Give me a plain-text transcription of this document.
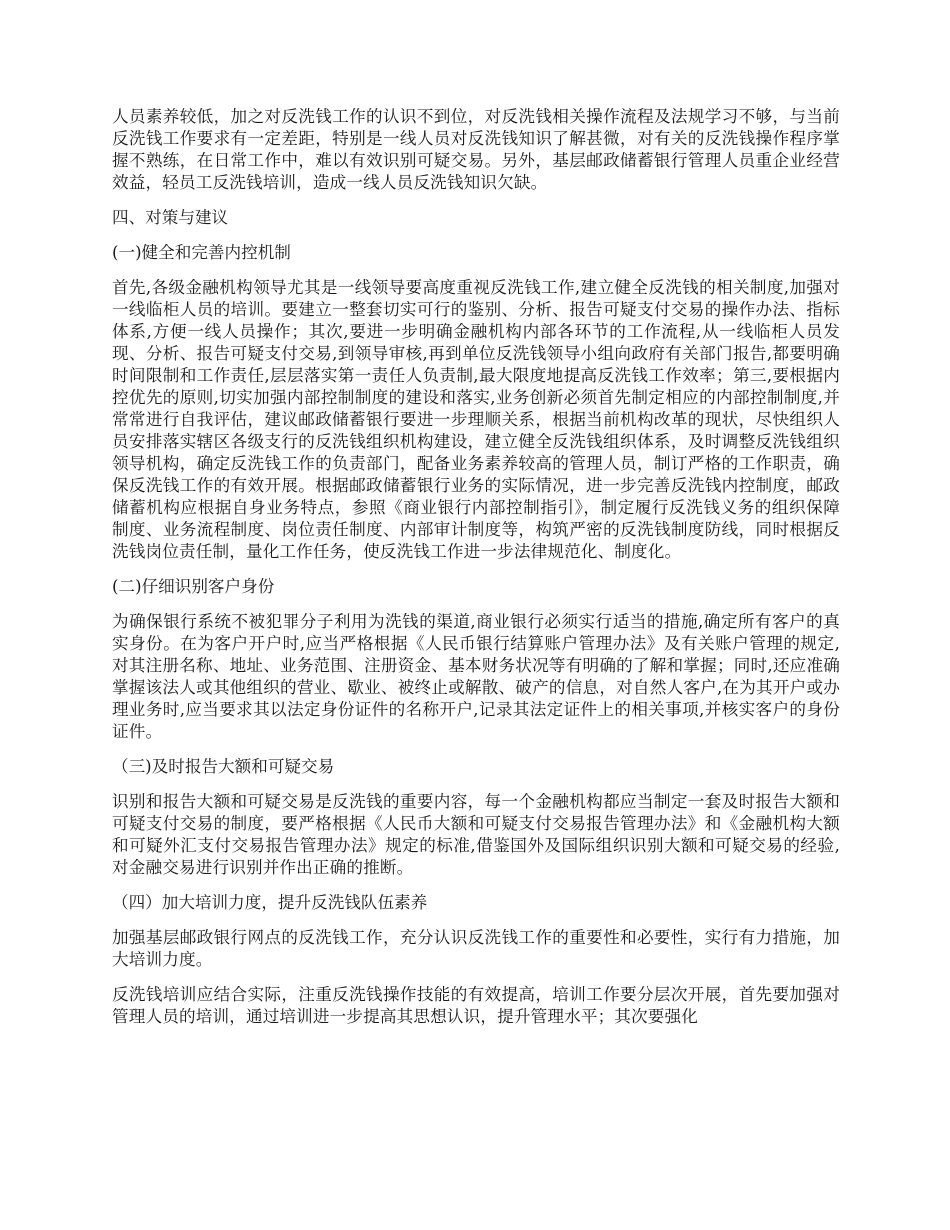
人员素养较低，加之对反洗钱工作的认识不到位，对反洗钱相关操作流程及法规学习不够，与当前反洗钱工作要求有一定差距，特别是一线人员对反洗钱知识了解甚微，对有关的反洗钱操作程序掌握不熟练，在日常工作中，难以有效识别可疑交易。另外，基层邮政储蓄银行管理人员重企业经营效益，轻员工反洗钱培训，造成一线人员反洗钱知识欠缺。

四、对策与建议

(一)健全和完善内控机制

首先,各级金融机构领导尤其是一线领导要高度重视反洗钱工作,建立健全反洗钱的相关制度,加强对一线临柜人员的培训。要建立一整套切实可行的鉴别、分析、报告可疑支付交易的操作办法、指标体系,方便一线人员操作；其次,要进一步明确金融机构内部各环节的工作流程,从一线临柜人员发现、分析、报告可疑支付交易,到领导审核,再到单位反洗钱领导小组向政府有关部门报告,都要明确时间限制和工作责任,层层落实第一责任人负责制,最大限度地提高反洗钱工作效率；第三,要根据内控优先的原则,切实加强内部控制制度的建设和落实,业务创新必须首先制定相应的内部控制制度,并常常进行自我评估，建议邮政储蓄银行要进一步理顺关系，根据当前机构改革的现状，尽快组织人员安排落实辖区各级支行的反洗钱组织机构建设，建立健全反洗钱组织体系，及时调整反洗钱组织领导机构，确定反洗钱工作的负责部门，配备业务素养较高的管理人员，制订严格的工作职责，确保反洗钱工作的有效开展。根据邮政储蓄银行业务的实际情况，进一步完善反洗钱内控制度，邮政储蓄机构应根据自身业务特点，参照《商业银行内部控制指引》，制定履行反洗钱义务的组织保障制度、业务流程制度、岗位责任制度、内部审计制度等，构筑严密的反洗钱制度防线，同时根据反洗钱岗位责任制，量化工作任务，使反洗钱工作进一步法律规范化、制度化。

(二)仔细识别客户身份

为确保银行系统不被犯罪分子利用为洗钱的渠道,商业银行必须实行适当的措施,确定所有客户的真实身份。在为客户开户时,应当严格根据《人民币银行结算账户管理办法》及有关账户管理的规定,对其注册名称、地址、业务范围、注册资金、基本财务状况等有明确的了解和掌握；同时,还应准确掌握该法人或其他组织的营业、歇业、被终止或解散、破产的信息，对自然人客户,在为其开户或办理业务时,应当要求其以法定身份证件的名称开户,记录其法定证件上的相关事项,并核实客户的身份证件。

（三)及时报告大额和可疑交易

识别和报告大额和可疑交易是反洗钱的重要内容，每一个金融机构都应当制定一套及时报告大额和可疑支付交易的制度，要严格根据《人民币大额和可疑支付交易报告管理办法》和《金融机构大额和可疑外汇支付交易报告管理办法》规定的标准,借鉴国外及国际组织识别大额和可疑交易的经验,对金融交易进行识别并作出正确的推断。

（四）加大培训力度，提升反洗钱队伍素养

加强基层邮政银行网点的反洗钱工作，充分认识反洗钱工作的重要性和必要性，实行有力措施，加大培训力度。

反洗钱培训应结合实际，注重反洗钱操作技能的有效提高，培训工作要分层次开展，首先要加强对管理人员的培训，通过培训进一步提高其思想认识，提升管理水平；其次要强化
